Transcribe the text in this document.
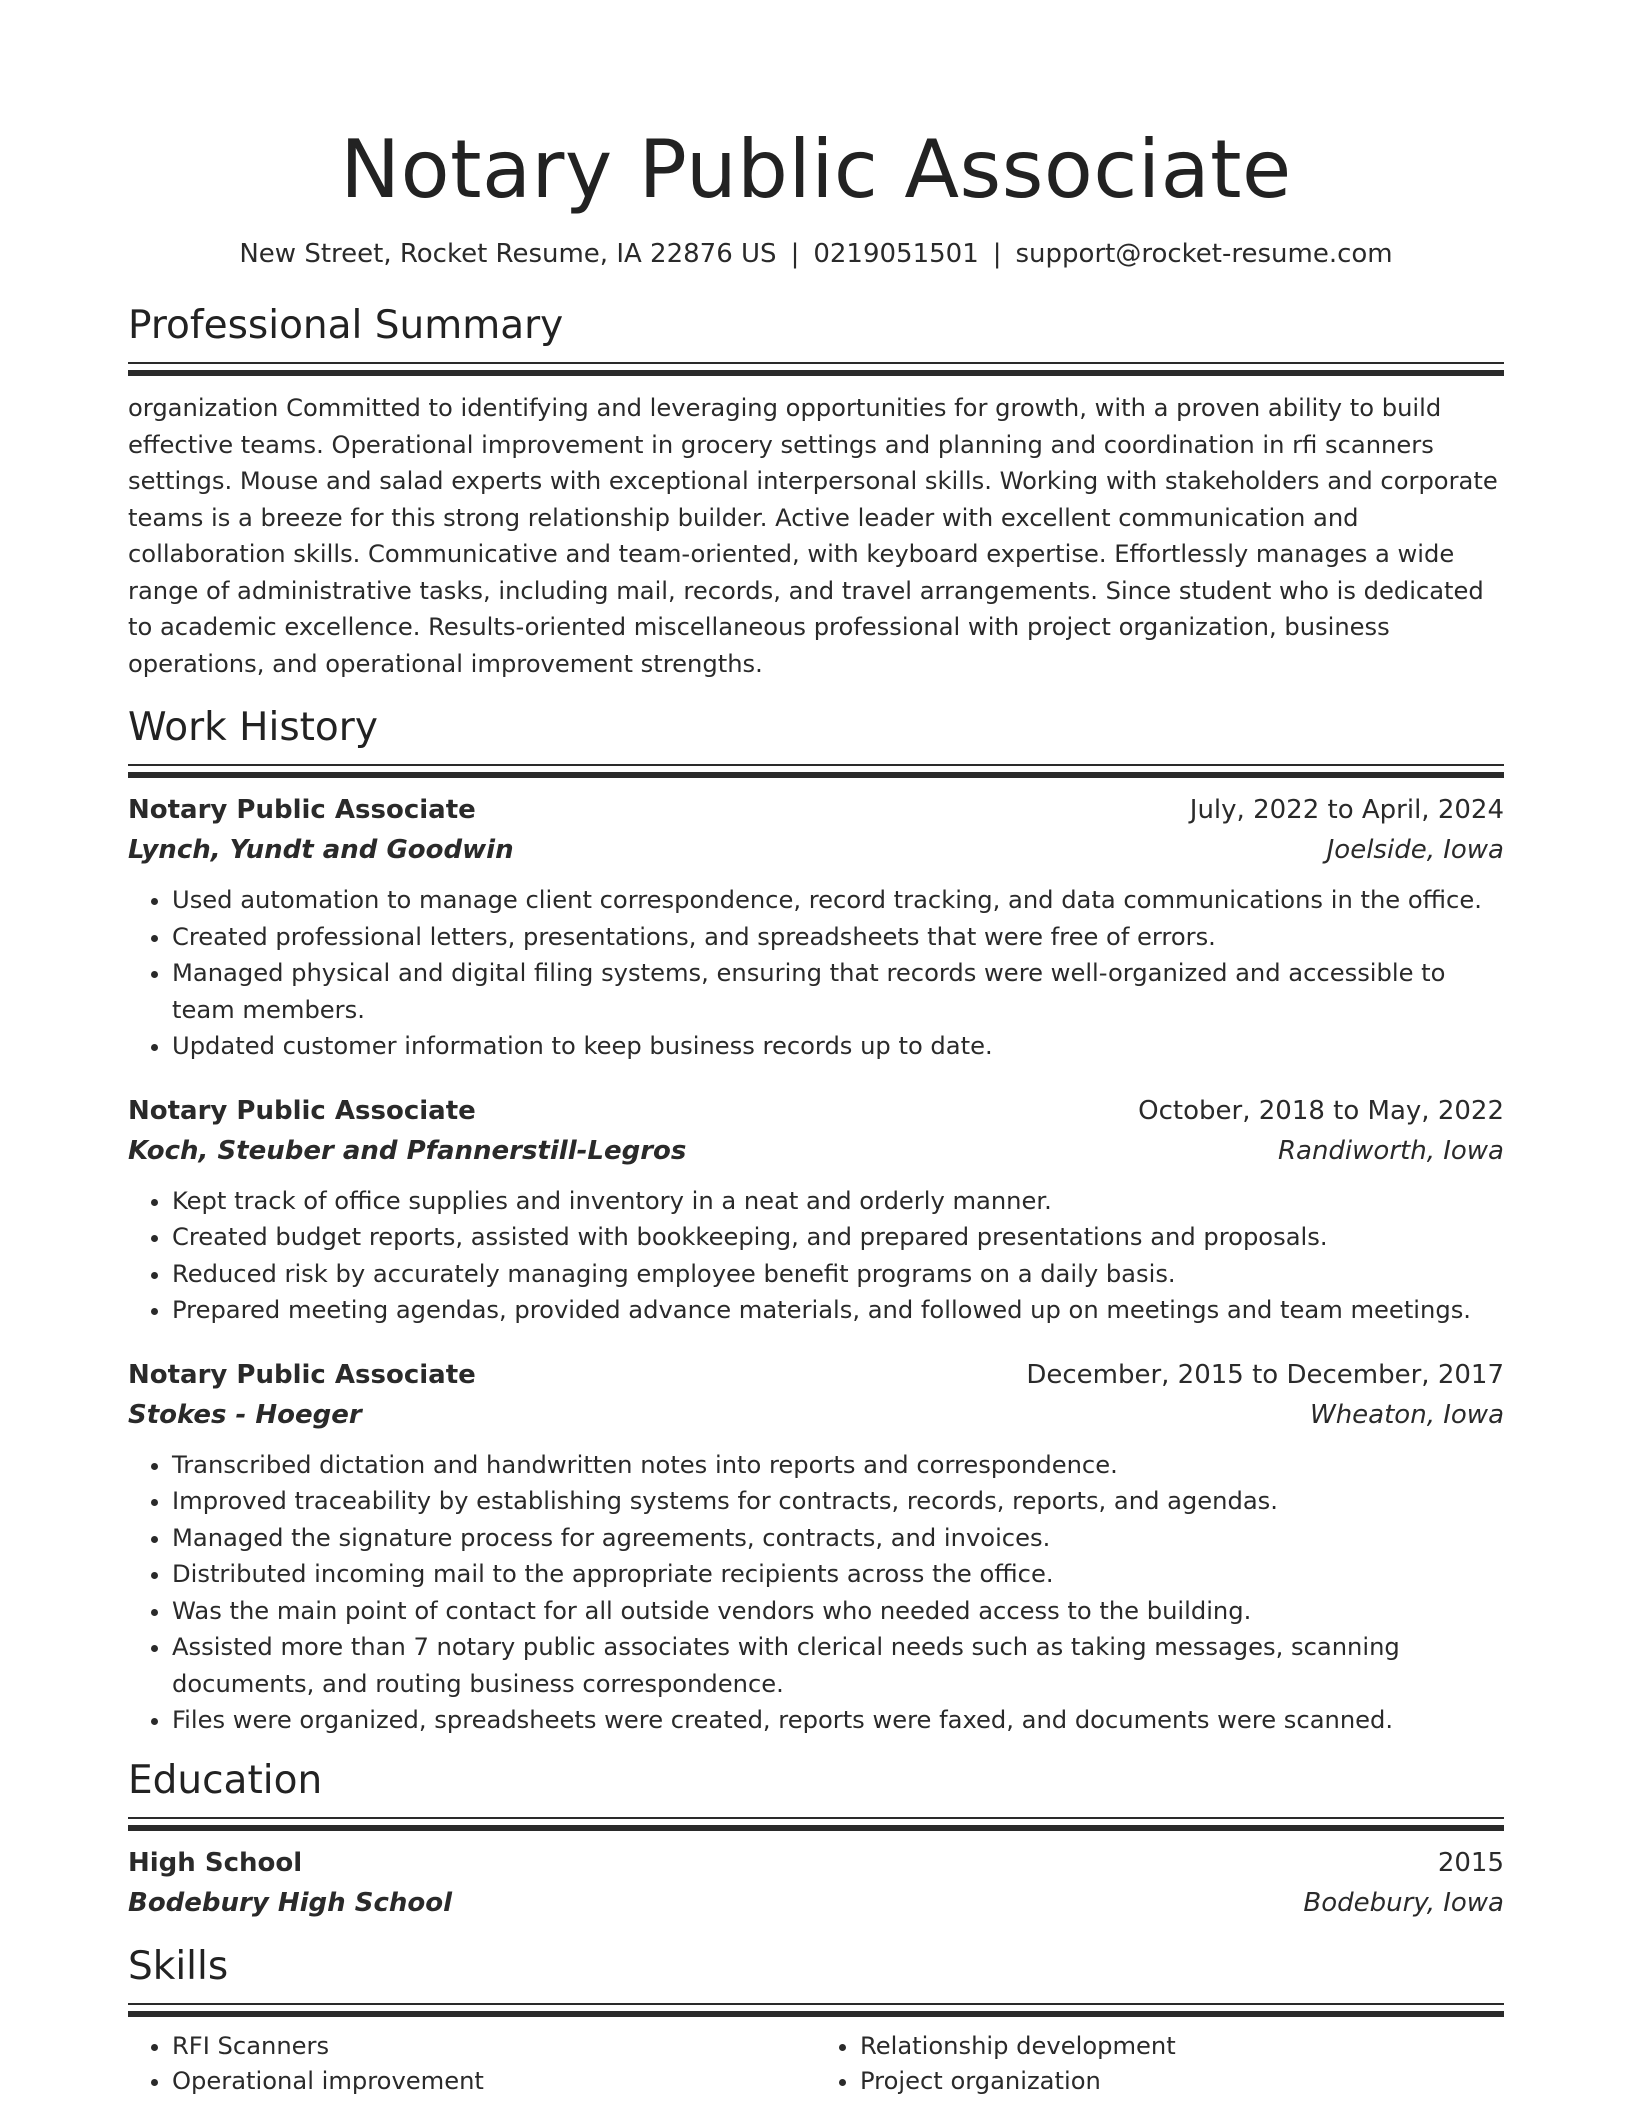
Notary Public Associate
New Street, Rocket Resume, IA 22876 US | 0219051501 | support@rocket-resume.com
Professional Summary
organization Committed to identifying and leveraging opportunities for growth, with a proven ability to build effective teams. Operational improvement in grocery settings and planning and coordination in rfi scanners settings. Mouse and salad experts with exceptional interpersonal skills. Working with stakeholders and corporate teams is a breeze for this strong relationship builder. Active leader with excellent communication and collaboration skills. Communicative and team-oriented, with keyboard expertise. Effortlessly manages a wide range of administrative tasks, including mail, records, and travel arrangements. Since student who is dedicated to academic excellence. Results-oriented miscellaneous professional with project organization, business operations, and operational improvement strengths.
Work History
Notary Public Associate	July, 2022 to April, 2024
Lynch, Yundt and Goodwin	Joelside, Iowa
• Used automation to manage client correspondence, record tracking, and data communications in the office.
• Created professional letters, presentations, and spreadsheets that were free of errors.
• Managed physical and digital filing systems, ensuring that records were well-organized and accessible to team members.
• Updated customer information to keep business records up to date.
Notary Public Associate	October, 2018 to May, 2022
Koch, Steuber and Pfannerstill-Legros	Randiworth, Iowa
• Kept track of office supplies and inventory in a neat and orderly manner.
• Created budget reports, assisted with bookkeeping, and prepared presentations and proposals.
• Reduced risk by accurately managing employee benefit programs on a daily basis.
• Prepared meeting agendas, provided advance materials, and followed up on meetings and team meetings.
Notary Public Associate	December, 2015 to December, 2017
Stokes - Hoeger	Wheaton, Iowa
• Transcribed dictation and handwritten notes into reports and correspondence.
• Improved traceability by establishing systems for contracts, records, reports, and agendas.
• Managed the signature process for agreements, contracts, and invoices.
• Distributed incoming mail to the appropriate recipients across the office.
• Was the main point of contact for all outside vendors who needed access to the building.
• Assisted more than 7 notary public associates with clerical needs such as taking messages, scanning documents, and routing business correspondence.
• Files were organized, spreadsheets were created, reports were faxed, and documents were scanned.
Education
High School	2015
Bodebury High School	Bodebury, Iowa
Skills
• RFI Scanners
• Operational improvement
• Relationship development
• Project organization
